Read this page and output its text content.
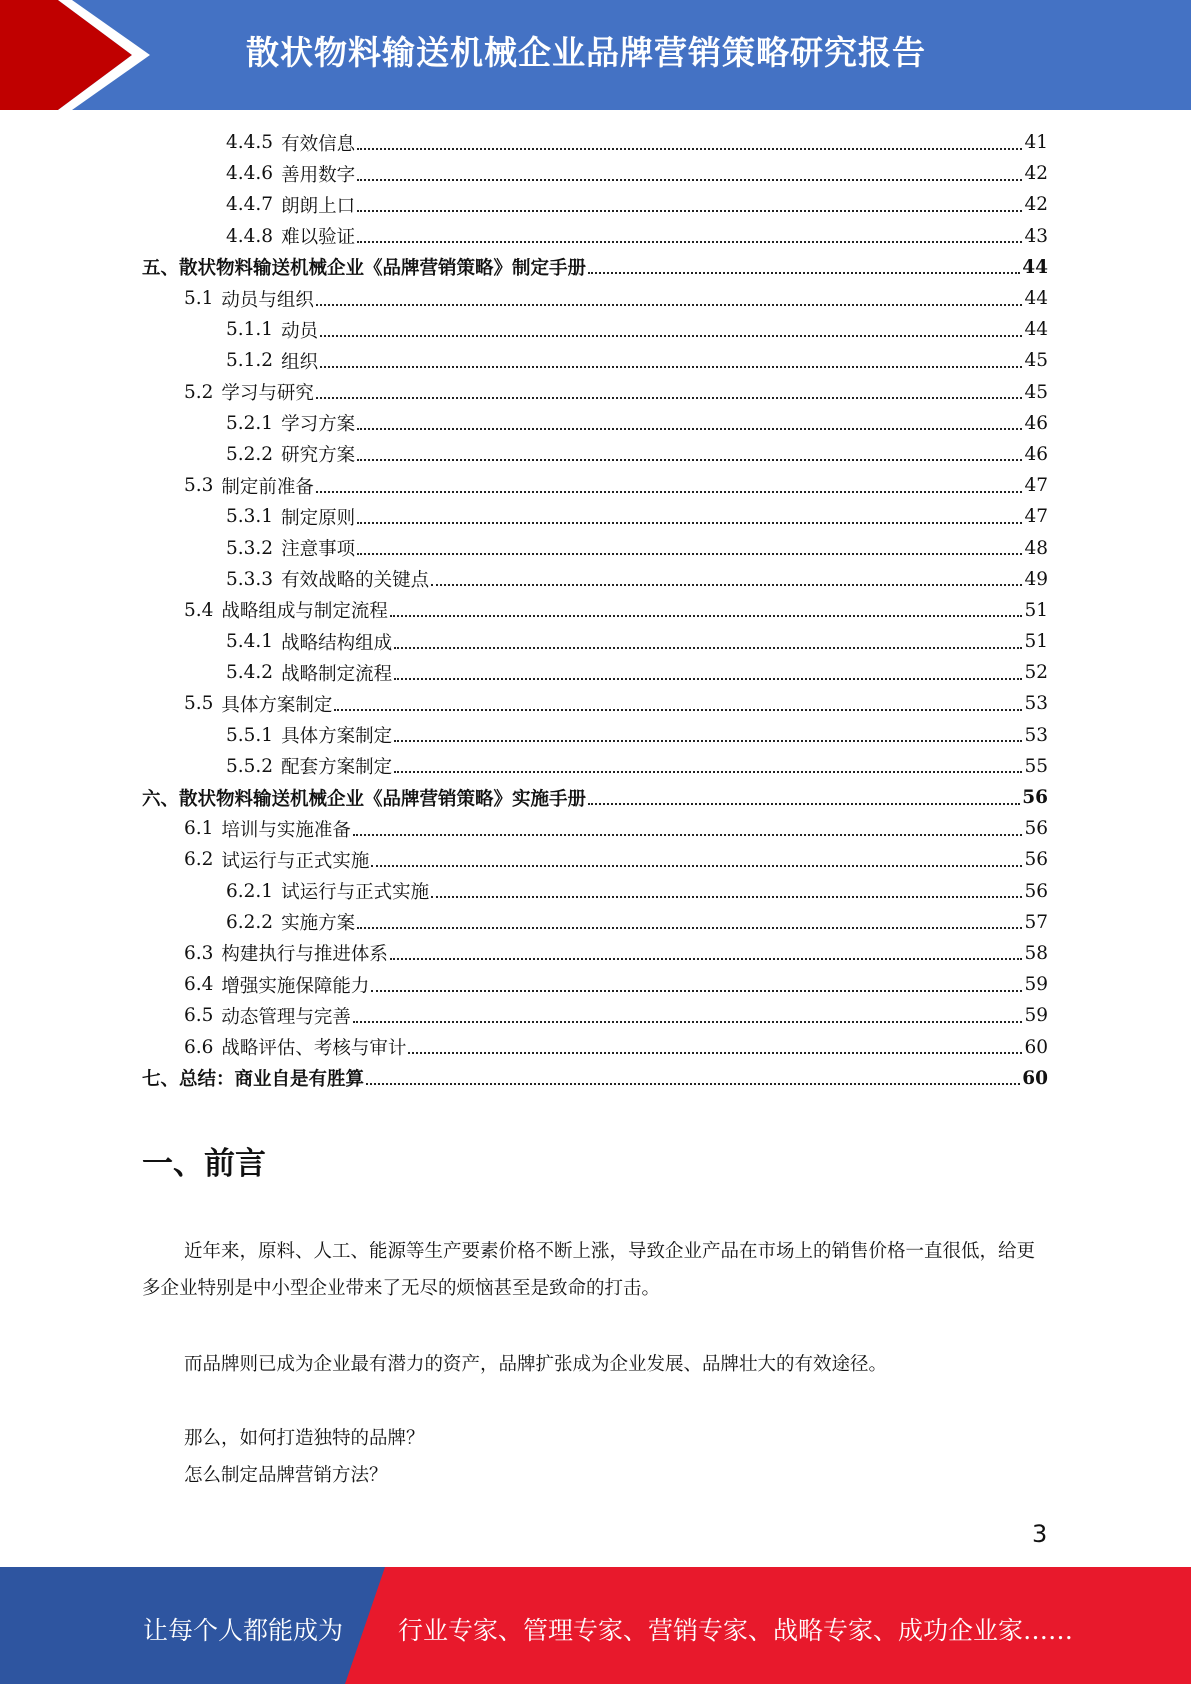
散状物料输送机械企业品牌营销策略研究报告
4.4.5 有效信息	41
4.4.6 善用数字	42
4.4.7 朗朗上口	42
4.4.8 难以验证	43
五、散状物料输送机械企业《品牌营销策略》制定手册	44
5.1 动员与组织	44
5.1.1 动员	44
5.1.2 组织	45
5.2 学习与研究	45
5.2.1 学习方案	46
5.2.2 研究方案	46
5.3 制定前准备	47
5.3.1 制定原则	47
5.3.2 注意事项	48
5.3.3 有效战略的关键点	49
5.4 战略组成与制定流程	51
5.4.1 战略结构组成	51
5.4.2 战略制定流程	52
5.5 具体方案制定	53
5.5.1 具体方案制定	53
5.5.2 配套方案制定	55
六、散状物料输送机械企业《品牌营销策略》实施手册	56
6.1 培训与实施准备	56
6.2 试运行与正式实施	56
6.2.1 试运行与正式实施	56
6.2.2 实施方案	57
6.3 构建执行与推进体系	58
6.4 增强实施保障能力	59
6.5 动态管理与完善	59
6.6 战略评估、考核与审计	60
七、总结：商业自是有胜算	60
一、前言
近年来，原料、人工、能源等生产要素价格不断上涨，导致企业产品在市场上的销售价格一直很低，给更多企业特别是中小型企业带来了无尽的烦恼甚至是致命的打击。
而品牌则已成为企业最有潜力的资产，品牌扩张成为企业发展、品牌壮大的有效途径。
那么，如何打造独特的品牌？
怎么制定品牌营销方法？
3
让每个人都能成为 行业专家、管理专家、营销专家、战略专家、成功企业家……
